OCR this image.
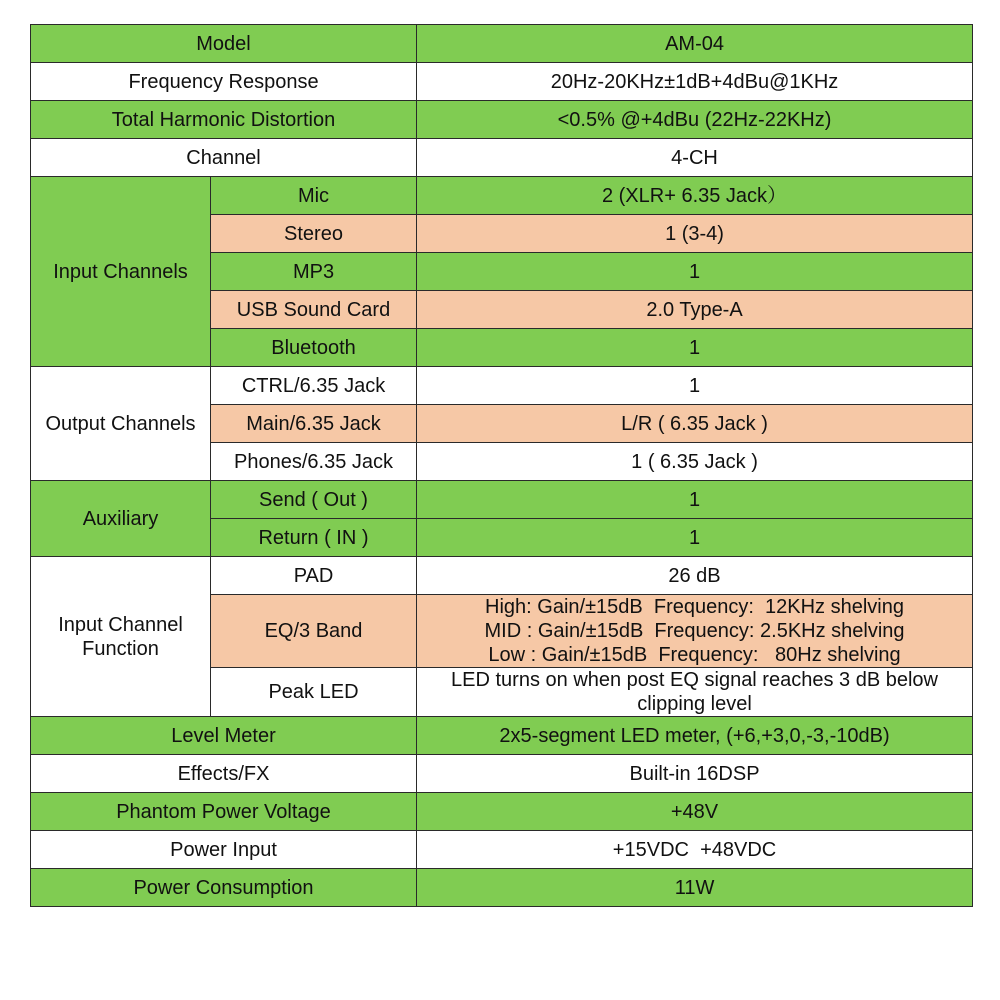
Model		AM-04
Frequency Response		20Hz-20KHz±1dB+4dBu@1KHz
Total Harmonic Distortion		<0.5% @+4dBu (22Hz-22KHz)
Channel		4-CH
Input Channels	Mic	2 (XLR+ 6.35 Jack）
	Stereo	1 (3-4)
	MP3	1
	USB Sound Card	2.0 Type-A
	Bluetooth	1
Output Channels	CTRL/6.35 Jack	1
	Main/6.35 Jack	L/R ( 6.35 Jack )
	Phones/6.35 Jack	1 ( 6.35 Jack )
Auxiliary	Send ( Out )	1
	Return ( IN )	1

Input Channel
Function	PAD	26 dB
	EQ/3 Band	High: Gain/±15dB  Frequency:  12KHz shelving
MID : Gain/±15dB  Frequency: 2.5KHz shelving
Low : Gain/±15dB  Frequency:   80Hz shelving

	Peak LED	LED turns on when post EQ signal reaches 3 dB below
clipping level

Level Meter		2x5-segment LED meter, (+6,+3,0,-3,-10dB)
Effects/FX		Built-in 16DSP
Phantom Power Voltage		+48V
Power Input		+15VDC  +48VDC
Power Consumption		11W
